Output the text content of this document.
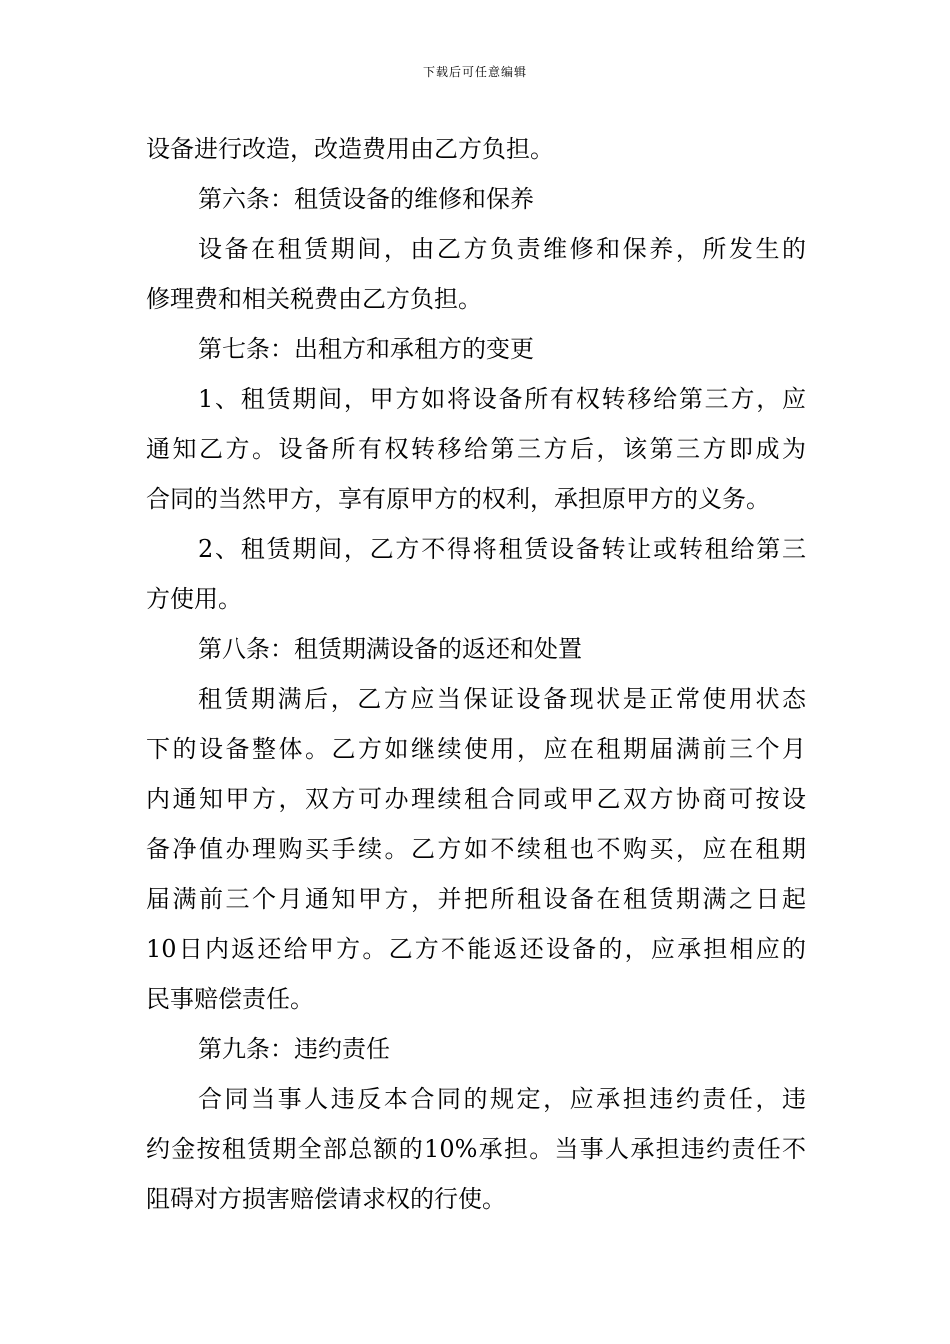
下载后可任意编辑
设备进行改造，改造费用由乙方负担。
第六条：租赁设备的维修和保养
设备在租赁期间，由乙方负责维修和保养，所发生的
修理费和相关税费由乙方负担。
第七条：出租方和承租方的变更
1、租赁期间，甲方如将设备所有权转移给第三方，应
通知乙方。设备所有权转移给第三方后，该第三方即成为
合同的当然甲方，享有原甲方的权利，承担原甲方的义务。
2、租赁期间，乙方不得将租赁设备转让或转租给第三
方使用。
第八条：租赁期满设备的返还和处置
租赁期满后，乙方应当保证设备现状是正常使用状态
下的设备整体。乙方如继续使用，应在租期届满前三个月
内通知甲方，双方可办理续租合同或甲乙双方协商可按设
备净值办理购买手续。乙方如不续租也不购买，应在租期
届满前三个月通知甲方，并把所租设备在租赁期满之日起
10日内返还给甲方。乙方不能返还设备的，应承担相应的
民事赔偿责任。
第九条：违约责任
合同当事人违反本合同的规定，应承担违约责任，违
约金按租赁期全部总额的10%承担。当事人承担违约责任不
阻碍对方损害赔偿请求权的行使。
